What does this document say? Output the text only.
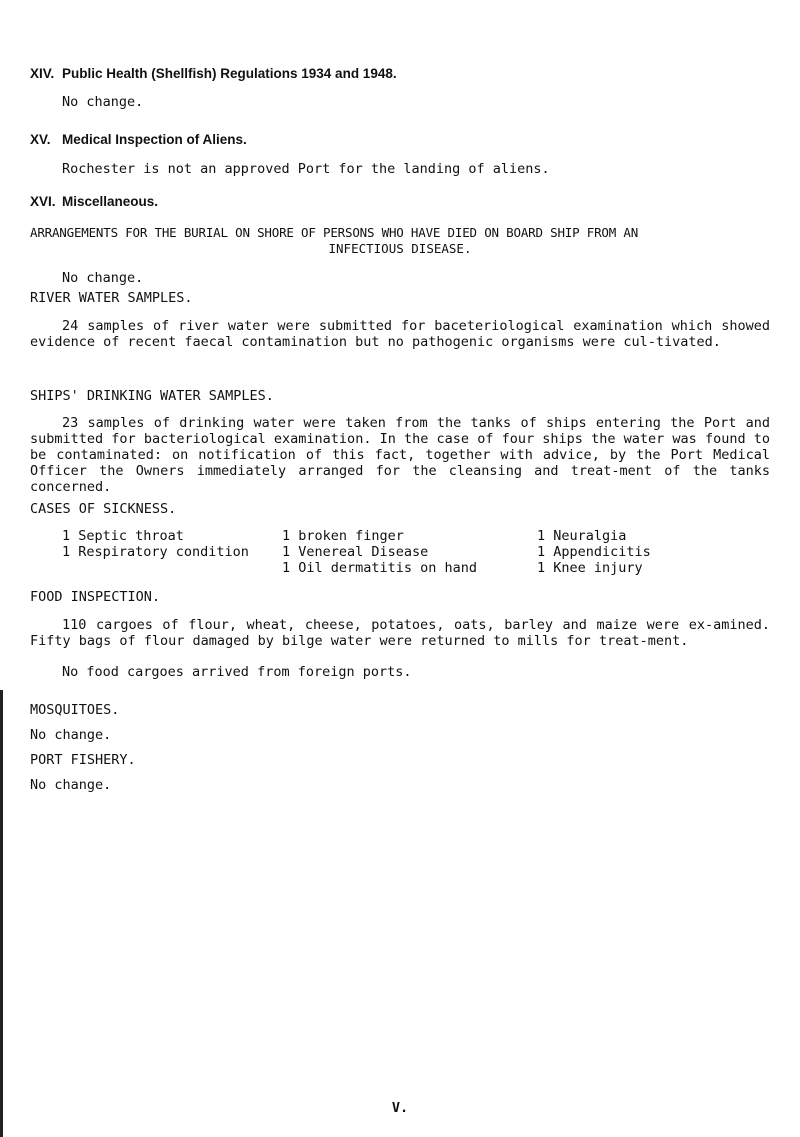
XIV. Public Health (Shellfish) Regulations 1934 and 1948.
No change.
XV. Medical Inspection of Aliens.
Rochester is not an approved Port for the landing of aliens.
XVI. Miscellaneous.
ARRANGEMENTS FOR THE BURIAL ON SHORE OF PERSONS WHO HAVE DIED ON BOARD SHIP FROM AN
INFECTIOUS DISEASE.
No change.
RIVER WATER SAMPLES.
24 samples of river water were submitted for baceteriological examination which showed evidence of recent faecal contamination but no pathogenic organisms were cul-tivated.
SHIPS' DRINKING WATER SAMPLES.
23 samples of drinking water were taken from the tanks of ships entering the Port and submitted for bacteriological examination. In the case of four ships the water was found to be contaminated: on notification of this fact, together with advice, by the Port Medical Officer the Owners immediately arranged for the cleansing and treat-ment of the tanks concerned.
CASES OF SICKNESS.
1 Septic throat
1 Respiratory condition
1 broken finger
1 Venereal Disease
1 Oil dermatitis on hand
1 Neuralgia
1 Appendicitis
1 Knee injury
FOOD INSPECTION.
110 cargoes of flour, wheat, cheese, potatoes, oats, barley and maize were ex-amined. Fifty bags of flour damaged by bilge water were returned to mills for treat-ment.
No food cargoes arrived from foreign ports.
MOSQUITOES.
No change.
PORT FISHERY.
No change.
V.
